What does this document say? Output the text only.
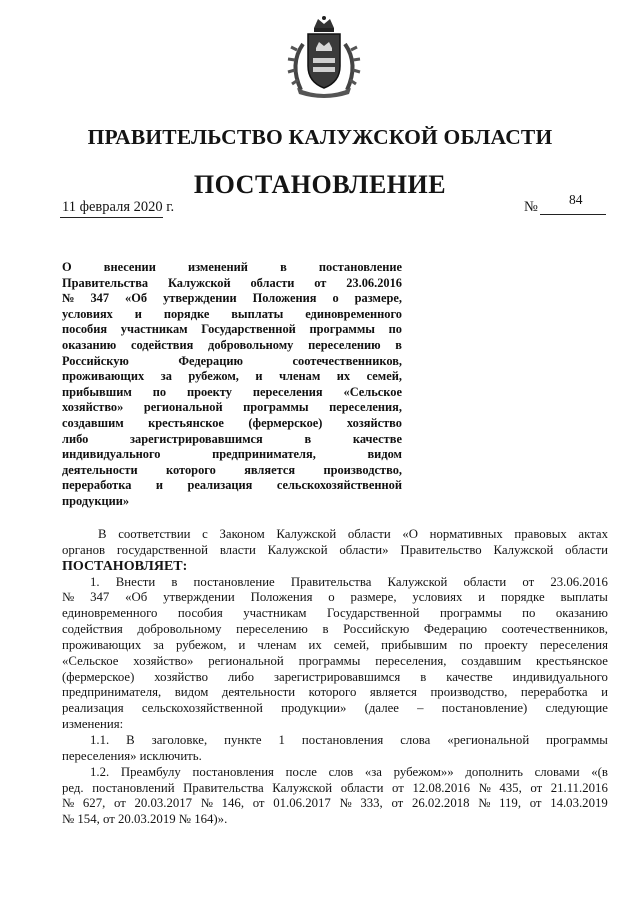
ПРАВИТЕЛЬСТВО КАЛУЖСКОЙ ОБЛАСТИ
ПОСТАНОВЛЕНИЕ
11 февраля 2020 г.	№ 84
О	внесении	изменений	в	постановление
Правительства Калужской области от 23.06.2016
№ 347 «Об утверждении Положения о размере,
условиях и порядке выплаты единовременного
пособия участникам Государственной программы по
оказанию содействия добровольному переселению в
Российскую	Федерацию	соотечественников,
проживающих за рубежом, и членам их семей,
прибывшим по проекту переселения «Сельское
хозяйство» региональной программы переселения,
создавшим крестьянское (фермерское) хозяйство
либо	зарегистрировавшимся	в	качестве
индивидуального	предпринимателя,	видом
деятельности которого является производство,
переработка и реализация сельскохозяйственной
продукции»
В соответствии с Законом Калужской области «О нормативных правовых актах
органов государственной власти Калужской области» Правительство Калужской области
ПОСТАНОВЛЯЕТ:
1. Внести в постановление Правительства Калужской области от 23.06.2016
№ 347 «Об утверждении Положения о размере, условиях и порядке выплаты
единовременного пособия участникам Государственной программы по оказанию
содействия добровольному переселению в Российскую Федерацию соотечественников,
проживающих за рубежом, и членам их семей, прибывшим по проекту переселения
«Сельское хозяйство» региональной программы переселения, создавшим крестьянское
(фермерское) хозяйство либо зарегистрировавшимся в качестве индивидуального
предпринимателя, видом деятельности которого является производство, переработка и
реализация сельскохозяйственной продукции» (далее – постановление) следующие
изменения:
1.1. В заголовке, пункте 1 постановления слова «региональной программы
переселения» исключить.
1.2. Преамбулу постановления после слов «за рубежом»» дополнить словами «(в
ред. постановлений Правительства Калужской области от 12.08.2016 № 435, от 21.11.2016
№ 627, от 20.03.2017 № 146, от 01.06.2017 № 333, от 26.02.2018 № 119, от 14.03.2019
№ 154, от 20.03.2019 № 164)».
